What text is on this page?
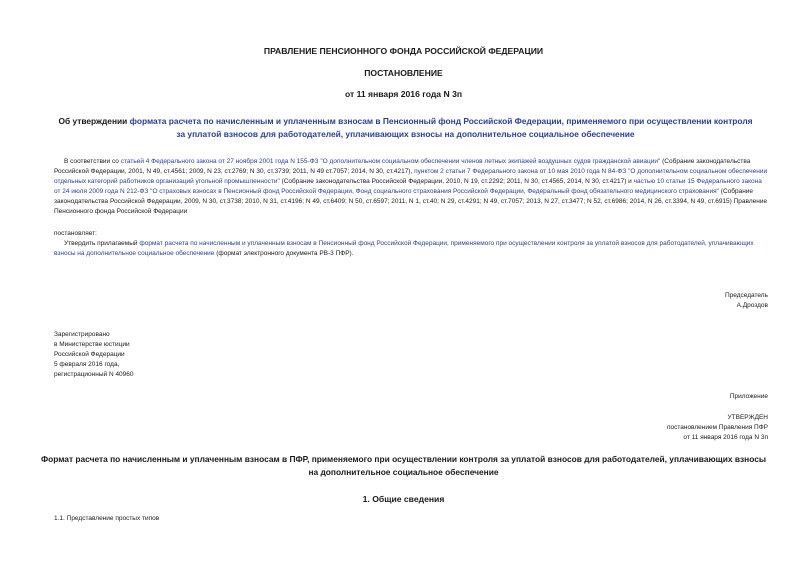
ПРАВЛЕНИЕ ПЕНСИОННОГО ФОНДА РОССИЙСКОЙ ФЕДЕРАЦИИ
ПОСТАНОВЛЕНИЕ
от 11 января 2016 года N 3п
Об утверждении формата расчета по начисленным и уплаченным взносам в Пенсионный фонд Российской Федерации, применяемого при осуществлении контроля за уплатой взносов для работодателей, уплачивающих взносы на дополнительное социальное обеспечение
В соответствии со статьей 4 Федерального закона от 27 ноября 2001 года N 155-ФЗ "О дополнительном социальном обеспечении членов летных экипажей воздушных судов гражданской авиации" (Собрание законодательства Российской Федерации, 2001, N 49, ст.4561; 2009, N 23, ст.2769; N 30, ст.3739; 2011, N 49 ст.7057; 2014, N 30, ст.4217), пунктом 2 статьи 7 Федерального закона от 10 мая 2010 года N 84-ФЗ "О дополнительном социальном обеспечении отдельных категорий работников организаций угольной промышленности" (Собрание законодательства Российской Федерации, 2010, N 19, ст.2292; 2011, N 30, ст.4565, 2014, N 30, ст.4217) и частью 10 статьи 15 Федерального закона от 24 июля 2009 года N 212-ФЗ "О страховых взносах в Пенсионный фонд Российской Федерации, Фонд социального страхования Российской Федерации, Федеральный фонд обязательного медицинского страхования" (Собрание законодательства Российской Федерации, 2009, N 30, ст.3738; 2010, N 31, ст.4196; N 49, ст.6409; N 50, ст.6597; 2011, N 1, ст.40; N 29, ст.4291; N 49, ст.7057; 2013, N 27, ст.3477; N 52, ст.6986; 2014, N 26, ст.3394, N 49, ст.6915) Правление Пенсионного фонда Российской Федерации
постановляет:
Утвердить прилагаемый формат расчета по начисленным и уплаченным взносам в Пенсионный фонд Российской Федерации, применяемого при осуществлении контроля за уплатой взносов для работодателей, уплачивающих взносы на дополнительное социальное обеспечение (формат электронного документа РВ-3 ПФР).
Председатель
А.Дроздов
Зарегистрировано
в Министерстве юстиции
Российской Федерации
5 февраля 2016 года,
регистрационный N 40960
Приложение
УТВЕРЖДЕН
постановлением Правления ПФР
от 11 января 2016 года N 3п
Формат расчета по начисленным и уплаченным взносам в ПФР, применяемого при осуществлении контроля за уплатой взносов для работодателей, уплачивающих взносы на дополнительное социальное обеспечение
1. Общие сведения
1.1. Представление простых типов
